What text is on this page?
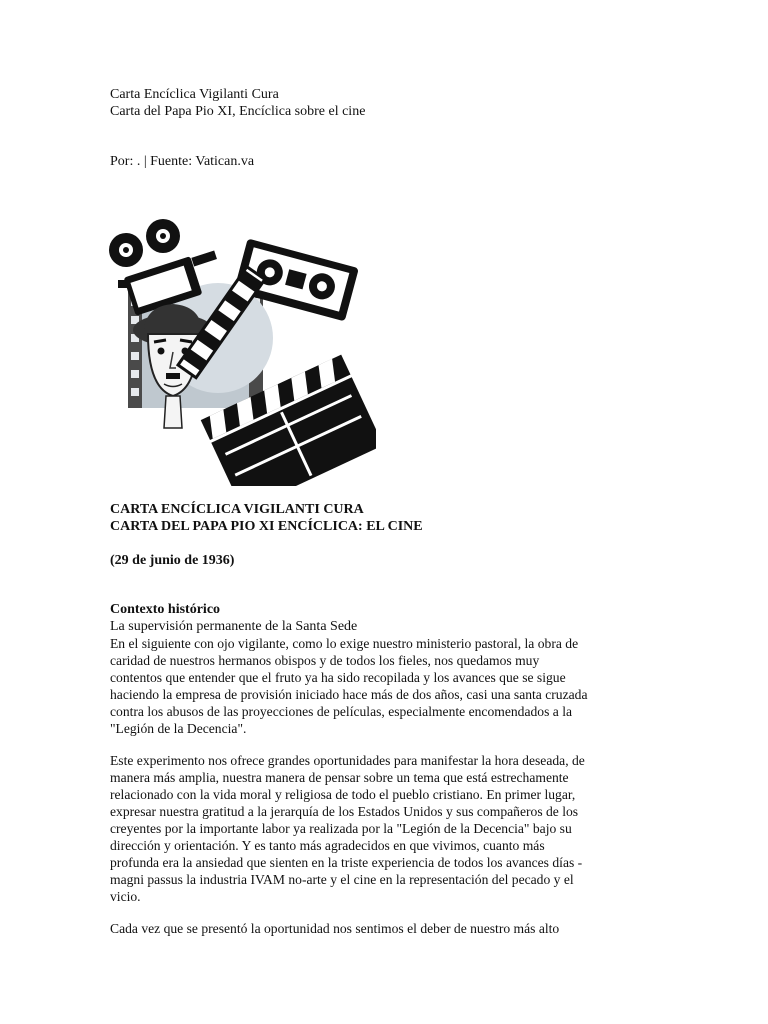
Carta Encíclica Vigilanti Cura
Carta del Papa Pio XI, Encíclica sobre el cine
Por: . | Fuente: Vatican.va
CARTA ENCÍCLICA VIGILANTI CURA
CARTA DEL PAPA PIO XI ENCÍCLICA: EL CINE
(29 de junio de 1936)
Contexto histórico
La supervisión permanente de la Santa Sede

En el siguiente con ojo vigilante, como lo exige nuestro ministerio pastoral, la obra de

caridad de nuestros hermanos obispos y de todos los fieles, nos quedamos muy

contentos que entender que el fruto ya ha sido recopilada y los avances que se sigue

haciendo la empresa de provisión iniciado hace más de dos años, casi una santa cruzada

contra los abusos de las proyecciones de películas, especialmente encomendados a la

"Legión de la Decencia".

Este experimento nos ofrece grandes oportunidades para manifestar la hora deseada, de

manera más amplia, nuestra manera de pensar sobre un tema que está estrechamente

relacionado con la vida moral y religiosa de todo el pueblo cristiano. En primer lugar,

expresar nuestra gratitud a la jerarquía de los Estados Unidos y sus compañeros de los

creyentes por la importante labor ya realizada por la "Legión de la Decencia" bajo su

dirección y orientación. Y es tanto más agradecidos en que vivimos, cuanto más

profunda era la ansiedad que sienten en la triste experiencia de todos los avances días -

magni passus la industria IVAM no-arte y el cine en la representación del pecado y el

vicio.

Cada vez que se presentó la oportunidad nos sentimos el deber de nuestro más alto
